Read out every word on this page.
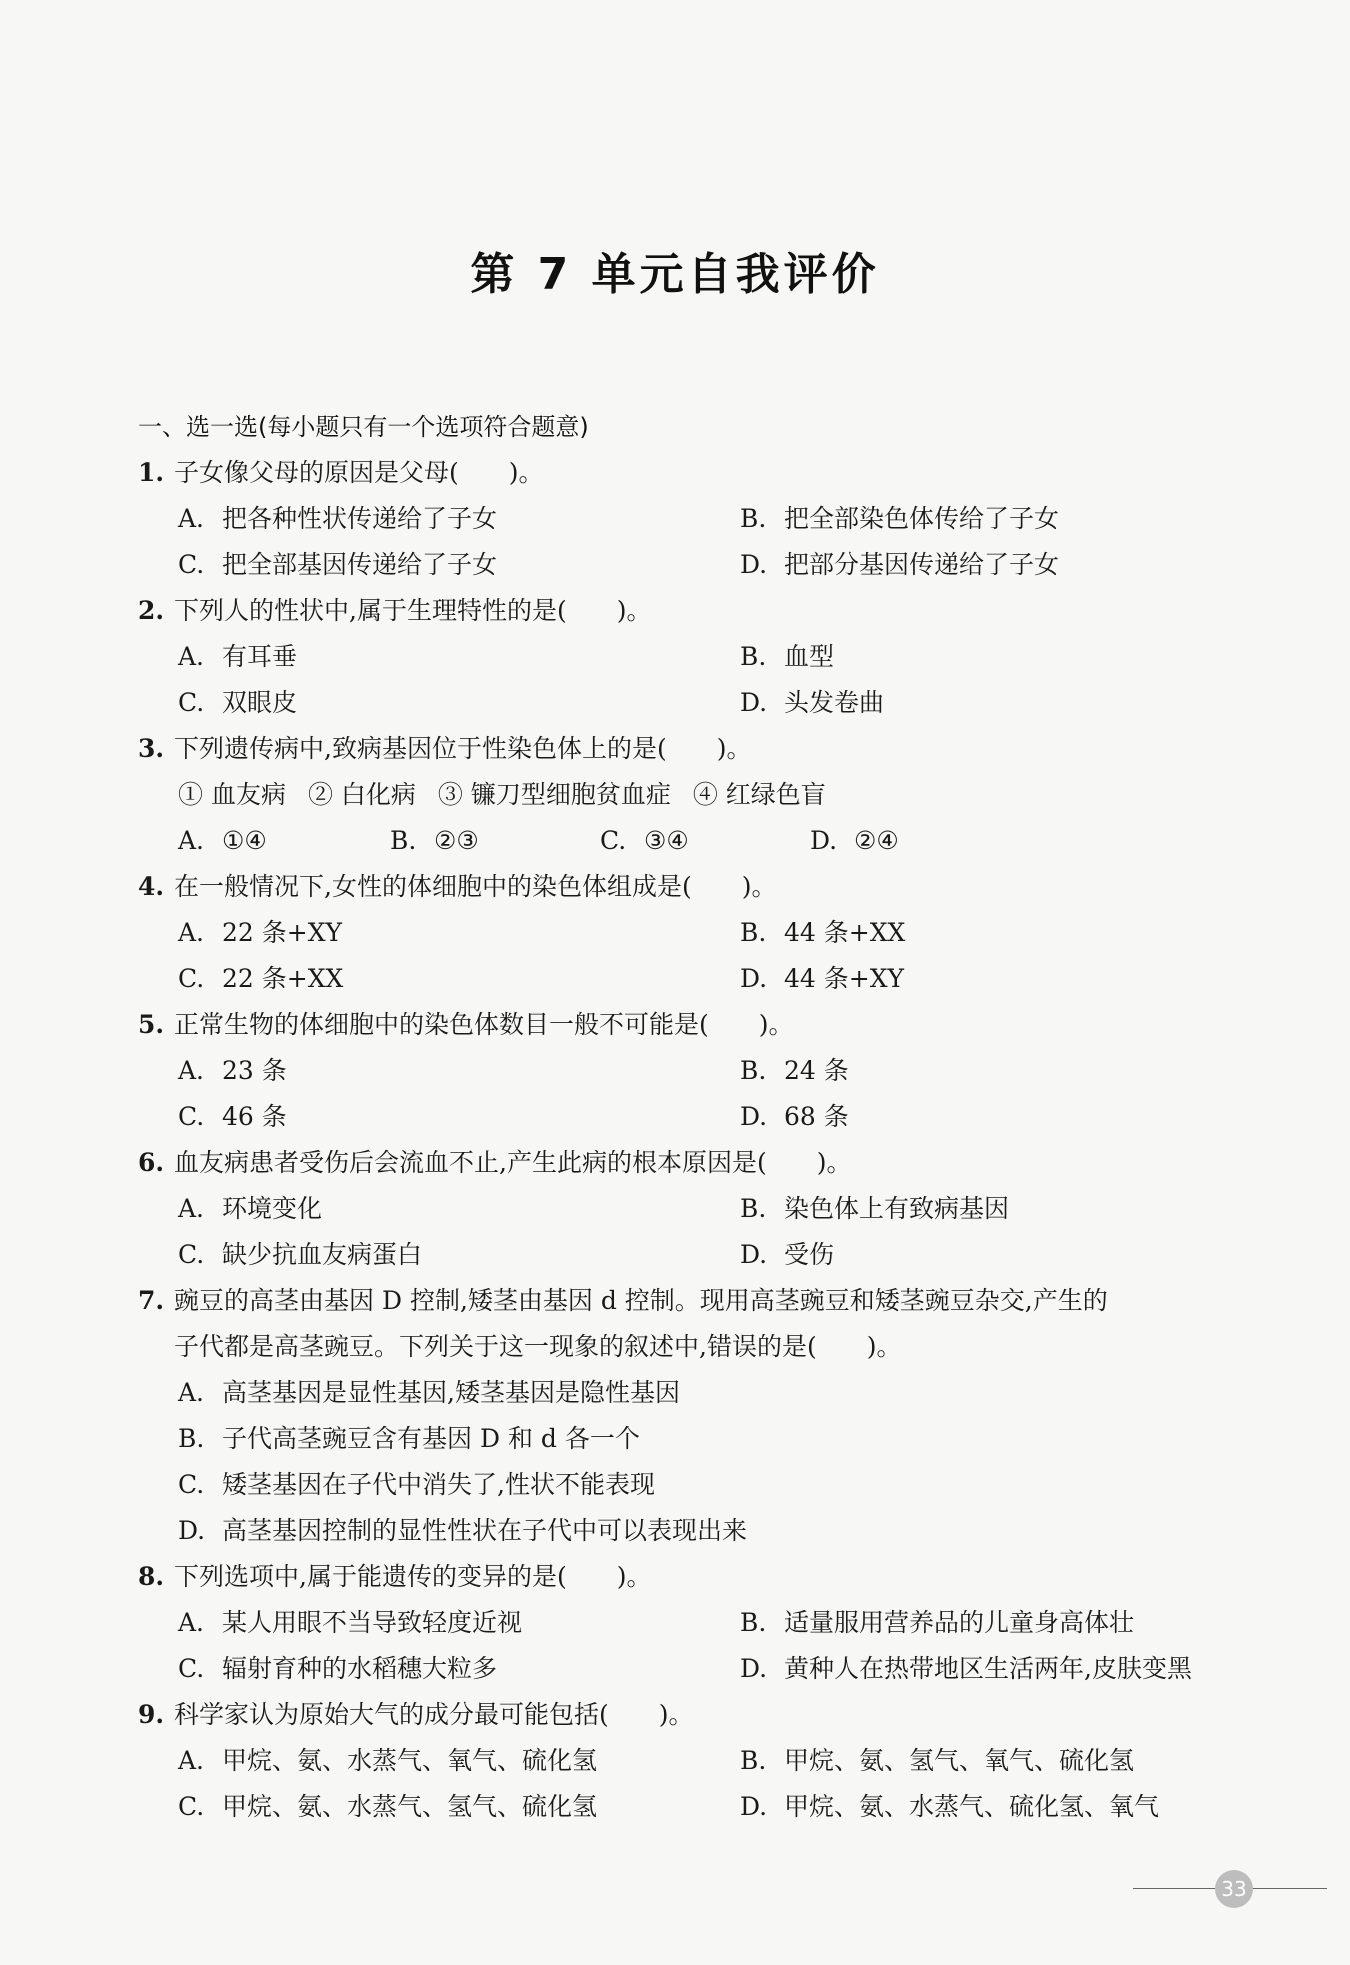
第 7 单元自我评价
一、选一选(每小题只有一个选项符合题意)
1. 子女像父母的原因是父母(　　)。
A. 把各种性状传递给了子女	B. 把全部染色体传给了子女
C. 把全部基因传递给了子女	D. 把部分基因传递给了子女
2. 下列人的性状中,属于生理特性的是(　　)。
A. 有耳垂	B. 血型
C. 双眼皮	D. 头发卷曲
3. 下列遗传病中,致病基因位于性染色体上的是(　　)。
① 血友病 ② 白化病 ③ 镰刀型细胞贫血症 ④ 红绿色盲
A. ①④	B. ②③	C. ③④	D. ②④
4. 在一般情况下,女性的体细胞中的染色体组成是(　　)。
A. 22 条+XY	B. 44 条+XX
C. 22 条+XX	D. 44 条+XY
5. 正常生物的体细胞中的染色体数目一般不可能是(　　)。
A. 23 条	B. 24 条
C. 46 条	D. 68 条
6. 血友病患者受伤后会流血不止,产生此病的根本原因是(　　)。
A. 环境变化	B. 染色体上有致病基因
C. 缺少抗血友病蛋白	D. 受伤
7. 豌豆的高茎由基因 D 控制,矮茎由基因 d 控制。现用高茎豌豆和矮茎豌豆杂交,产生的
子代都是高茎豌豆。下列关于这一现象的叙述中,错误的是(　　)。
A. 高茎基因是显性基因,矮茎基因是隐性基因
B. 子代高茎豌豆含有基因 D 和 d 各一个
C. 矮茎基因在子代中消失了,性状不能表现
D. 高茎基因控制的显性性状在子代中可以表现出来
8. 下列选项中,属于能遗传的变异的是(　　)。
A. 某人用眼不当导致轻度近视	B. 适量服用营养品的儿童身高体壮
C. 辐射育种的水稻穗大粒多	D. 黄种人在热带地区生活两年,皮肤变黑
9. 科学家认为原始大气的成分最可能包括(　　)。
A. 甲烷、氨、水蒸气、氧气、硫化氢	B. 甲烷、氨、氢气、氧气、硫化氢
C. 甲烷、氨、水蒸气、氢气、硫化氢	D. 甲烷、氨、水蒸气、硫化氢、氧气
33
